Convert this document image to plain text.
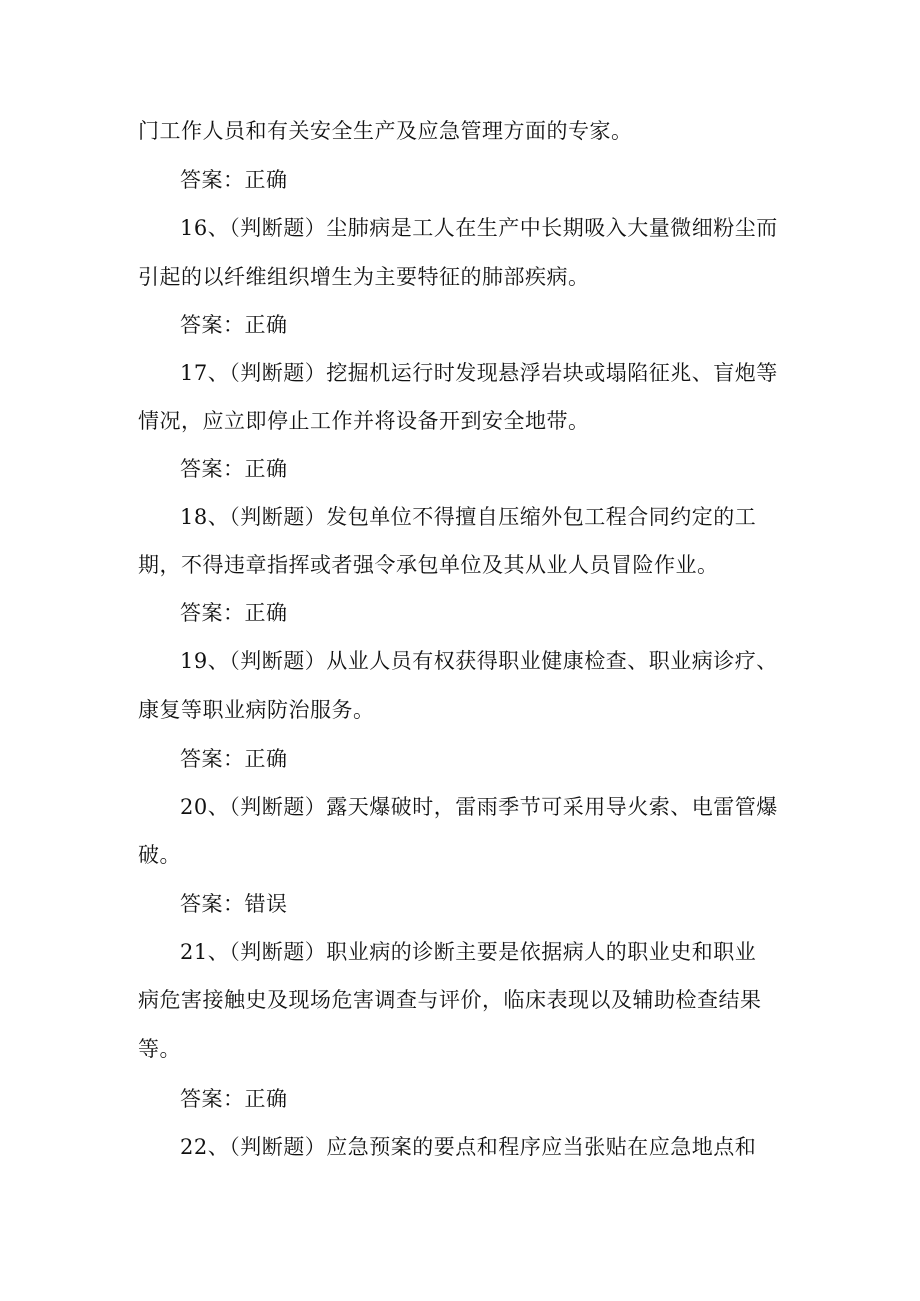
门工作人员和有关安全生产及应急管理方面的专家。
答案：正确
16、（判断题）尘肺病是工人在生产中长期吸入大量微细粉尘而
引起的以纤维组织增生为主要特征的肺部疾病。
答案：正确
17、（判断题）挖掘机运行时发现悬浮岩块或塌陷征兆、盲炮等
情况，应立即停止工作并将设备开到安全地带。
答案：正确
18、（判断题）发包单位不得擅自压缩外包工程合同约定的工
期，不得违章指挥或者强令承包单位及其从业人员冒险作业。
答案：正确
19、（判断题）从业人员有权获得职业健康检查、职业病诊疗、
康复等职业病防治服务。
答案：正确
20、（判断题）露天爆破时，雷雨季节可采用导火索、电雷管爆
破。
答案：错误
21、（判断题）职业病的诊断主要是依据病人的职业史和职业
病危害接触史及现场危害调查与评价，临床表现以及辅助检查结果
等。
答案：正确
22、（判断题）应急预案的要点和程序应当张贴在应急地点和
